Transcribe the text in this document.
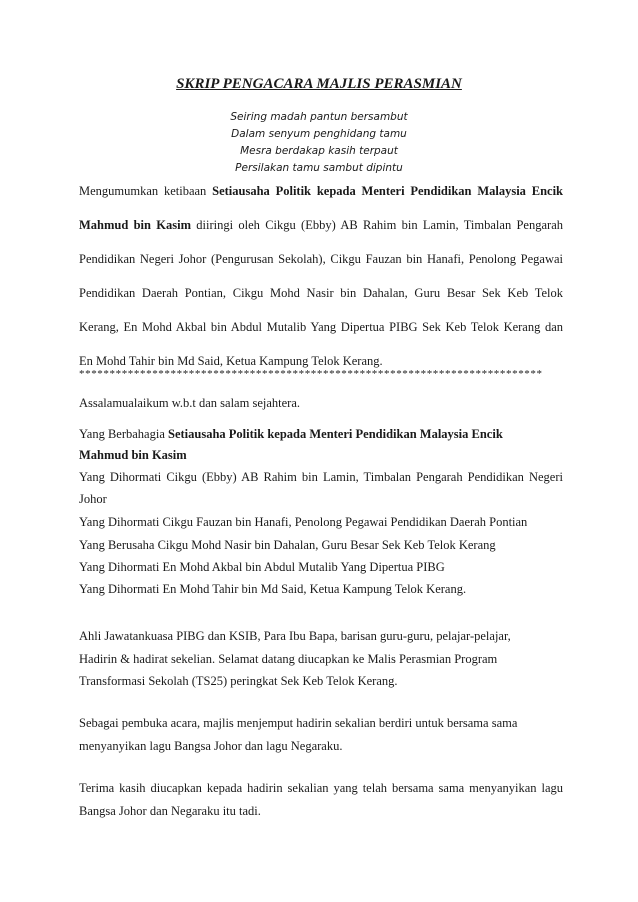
SKRIP PENGACARA MAJLIS PERASMIAN
Seiring madah pantun bersambut
Dalam senyum penghidang tamu
Mesra berdakap kasih terpaut
Persilakan tamu sambut dipintu
Mengumumkan ketibaan Setiausaha Politik kepada Menteri Pendidikan Malaysia Encik
Mahmud bin Kasim diiringi oleh Cikgu (Ebby) AB Rahim bin Lamin, Timbalan Pengarah
Pendidikan Negeri Johor (Pengurusan Sekolah), Cikgu Fauzan bin Hanafi, Penolong Pegawai
Pendidikan Daerah Pontian, Cikgu Mohd Nasir bin Dahalan, Guru Besar Sek Keb Telok
Kerang, En Mohd Akbal bin Abdul Mutalib Yang Dipertua PIBG Sek Keb Telok Kerang dan
En Mohd Tahir bin Md Said, Ketua Kampung Telok Kerang.
****************************************************************************
Assalamualaikum w.b.t dan salam sejahtera.
Yang Berbahagia Setiausaha Politik kepada Menteri Pendidikan Malaysia Encik
Mahmud bin Kasim
Yang Dihormati Cikgu (Ebby) AB Rahim bin Lamin, Timbalan Pengarah Pendidikan Negeri
Johor
Yang Dihormati Cikgu Fauzan bin Hanafi, Penolong Pegawai Pendidikan Daerah Pontian
Yang Berusaha Cikgu Mohd Nasir bin Dahalan, Guru Besar Sek Keb Telok Kerang
Yang Dihormati En Mohd Akbal bin Abdul Mutalib Yang Dipertua PIBG
Yang Dihormati En Mohd Tahir bin Md Said, Ketua Kampung Telok Kerang.
Ahli Jawatankuasa PIBG dan KSIB, Para Ibu Bapa, barisan guru-guru, pelajar-pelajar,
Hadirin & hadirat sekelian. Selamat datang diucapkan ke Malis Perasmian Program
Transformasi Sekolah (TS25) peringkat Sek Keb Telok Kerang.
Sebagai pembuka acara, majlis menjemput hadirin sekalian berdiri untuk bersama sama
menyanyikan lagu Bangsa Johor dan lagu Negaraku.
Terima kasih diucapkan kepada hadirin sekalian yang telah bersama sama menyanyikan lagu
Bangsa Johor dan Negaraku itu tadi.
